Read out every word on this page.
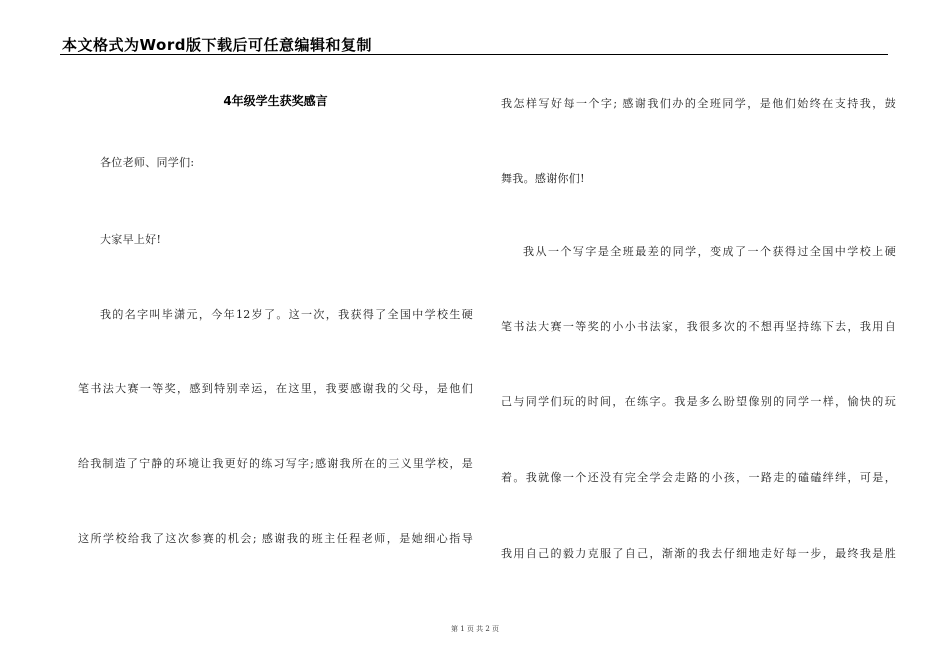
本文格式为Word版下载后可任意编辑和复制
4年级学生获奖感言
各位老师、同学们:
大家早上好!
我的名字叫毕潇元，今年12岁了。这一次，我获得了全国中学校生硬
笔书法大赛一等奖，感到特别幸运，在这里，我要感谢我的父母，是他们
给我制造了宁静的环境让我更好的练习写字;感谢我所在的三义里学校，是
这所学校给我了这次参赛的机会; 感谢我的班主任程老师，是她细心指导
我怎样写好每一个字; 感谢我们办的全班同学，是他们始终在支持我，鼓
舞我。感谢你们!
我从一个写字是全班最差的同学，变成了一个获得过全国中学校上硬
笔书法大赛一等奖的小小书法家，我很多次的不想再坚持练下去，我用自
己与同学们玩的时间，在练字。我是多么盼望像别的同学一样，愉快的玩
着。我就像一个还没有完全学会走路的小孩，一路走的磕磕绊绊，可是，
我用自己的毅力克服了自己，渐渐的我去仔细地走好每一步，最终我是胜
第 1 页 共 2 页
